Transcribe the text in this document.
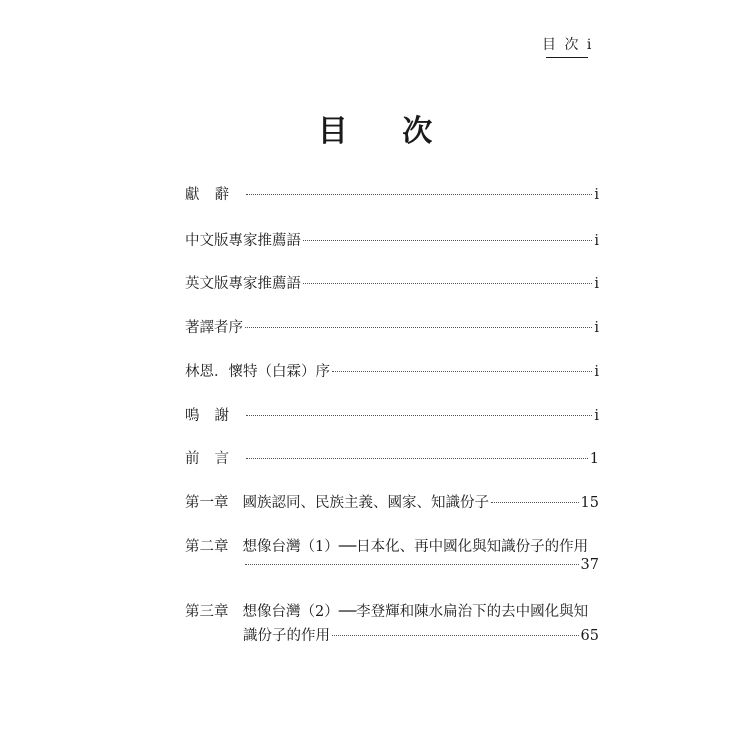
目 次 i
目 次
獻辭	i
中文版專家推薦語	i
英文版專家推薦語	i
著譯者序	i
林恩．懷特（白霖）序	i
鳴謝	i
前言	1
第一章 國族認同、民族主義、國家、知識份子	15
第二章 想像台灣（1）──日本化、再中國化與知識份子的作用
37
第三章 想像台灣（2）──李登輝和陳水扁治下的去中國化與知
識份子的作用	65
